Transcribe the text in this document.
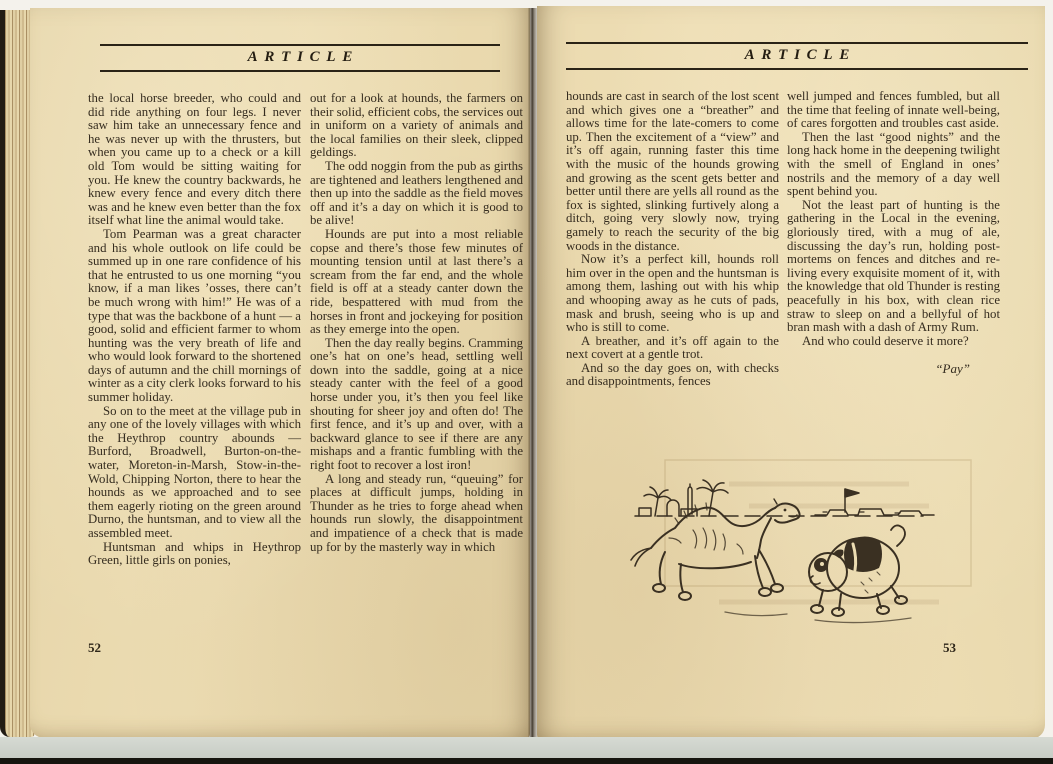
ARTICLE

the local horse breeder, who could and did ride anything on four legs. I never saw him take an unnecessary fence and he was never up with the thrusters, but when you came up to a check or a kill old Tom would be sitting waiting for you. He knew the country backwards, he knew every fence and every ditch there was and he knew even better than the fox itself what line the animal would take.

Tom Pearman was a great character and his whole outlook on life could be summed up in one rare confidence of his that he entrusted to us one morning “you know, if a man likes ’osses, there can’t be much wrong with him!” He was of a type that was the backbone of a hunt — a good, solid and efficient farmer to whom hunting was the very breath of life and who would look forward to the shortened days of autumn and the chill mornings of winter as a city clerk looks forward to his summer holiday.

So on to the meet at the village pub in any one of the lovely villages with which the Heythrop country abounds — Burford, Broadwell, Burton-on-the-water, Moreton-in-Marsh, Stow-in-the-Wold, Chipping Norton, there to hear the hounds as we approached and to see them eagerly rioting on the green around Durno, the huntsman, and to view all the assembled meet.

Huntsman and whips in Heythrop Green, little girls on ponies,

out for a look at hounds, the farmers on their solid, efficient cobs, the services out in uniform on a variety of animals and the local families on their sleek, clipped geldings.

The odd noggin from the pub as girths are tightened and leathers lengthened and then up into the saddle as the field moves off and it’s a day on which it is good to be alive!

Hounds are put into a most reliable copse and there’s those few minutes of mounting tension until at last there’s a scream from the far end, and the whole field is off at a steady canter down the ride, bespattered with mud from the horses in front and jockeying for position as they emerge into the open.

Then the day really begins. Cramming one’s hat on one’s head, settling well down into the saddle, going at a nice steady canter with the feel of a good horse under you, it’s then you feel like shouting for sheer joy and often do! The first fence, and it’s up and over, with a backward glance to see if there are any mishaps and a frantic fumbling with the right foot to recover a lost iron!

A long and steady run, “queuing” for places at difficult jumps, holding in Thunder as he tries to forge ahead when hounds run slowly, the disappointment and impatience of a check that is made up for by the masterly way in which

52
ARTICLE

hounds are cast in search of the lost scent and which gives one a “breather” and allows time for the late-comers to come up. Then the excitement of a “view” and it’s off again, running faster this time with the music of the hounds growing and growing as the scent gets better and better until there are yells all round as the fox is sighted, slinking furtively along a ditch, going very slowly now, trying gamely to reach the security of the big woods in the distance.

Now it’s a perfect kill, hounds roll him over in the open and the huntsman is among them, lashing out with his whip and whooping away as he cuts of pads, mask and brush, seeing who is up and who is still to come.

A breather, and it’s off again to the next covert at a gentle trot.

And so the day goes on, with checks and disappointments, fences

well jumped and fences fumbled, but all the time that feeling of innate well-being, of cares forgotten and troubles cast aside.

Then the last “good nights” and the long hack home in the deepening twilight with the smell of England in ones’ nostrils and the memory of a day well spent behind you.

Not the least part of hunting is the gathering in the Local in the evening, gloriously tired, with a mug of ale, discussing the day’s run, holding post-mortems on fences and ditches and re-living every exquisite moment of it, with the knowledge that old Thunder is resting peacefully in his box, with clean rice straw to sleep on and a bellyful of hot bran mash with a dash of Army Rum.

And who could deserve it more?

“Pay”

53
